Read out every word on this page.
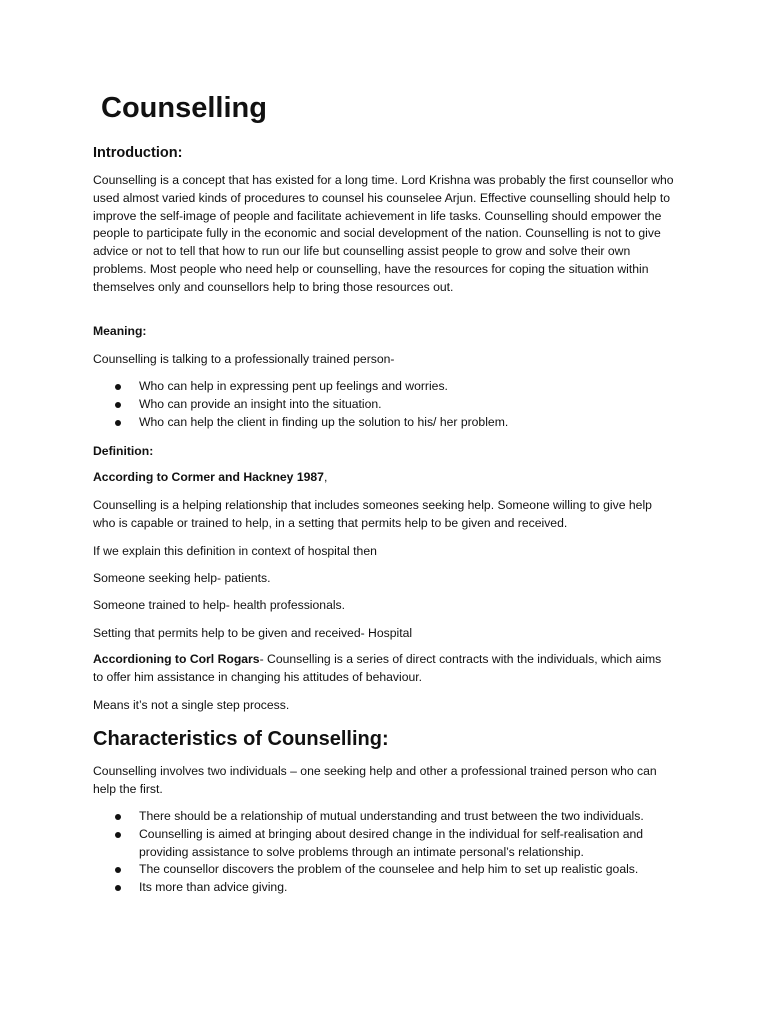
Counselling
Introduction:

Counselling is a concept that has existed for a long time. Lord Krishna was probably the first counsellor who used almost varied kinds of procedures to counsel his counselee Arjun. Effective counselling should help to improve the self-image of people and facilitate achievement in life tasks. Counselling should empower the people to participate fully in the economic and social development of the nation. Counselling is not to give advice or not to tell that how to run our life but counselling assist people to grow and solve their own problems. Most people who need help or counselling, have the resources for coping the situation within themselves only and counsellors help to bring those resources out.

Meaning:

Counselling is talking to a professionally trained person-

Who can help in expressing pent up feelings and worries.
Who can provide an insight into the situation.
Who can help the client in finding up the solution to his/ her problem.

Definition:

According to Cormer and Hackney 1987,

Counselling is a helping relationship that includes someones seeking help. Someone willing to give help who is capable or trained to help, in a setting that permits help to be given and received.

If we explain this definition in context of hospital then

Someone seeking help- patients.

Someone trained to help- health professionals.

Setting that permits help to be given and received- Hospital

Accordioning to Corl Rogars- Counselling is a series of direct contracts with the individuals, which aims to offer him assistance in changing his attitudes of behaviour.

Means it’s not a single step process.

Characteristics of Counselling:

Counselling involves two individuals – one seeking help and other a professional trained person who can help the first.

There should be a relationship of mutual understanding and trust between the two individuals.
Counselling is aimed at bringing about desired change in the individual for self-realisation and providing assistance to solve problems through an intimate personal’s relationship.
The counsellor discovers the problem of the counselee and help him to set up realistic goals.
Its more than advice giving.
